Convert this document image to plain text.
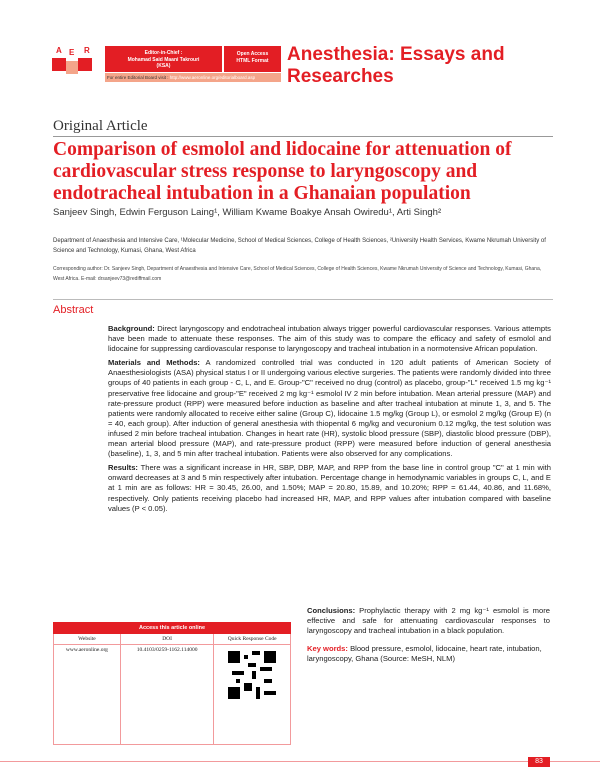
A E R	Editor-in-Chief :
Mohamad Said Maani Takrouri
(KSA)
Open Access
HTML Format
For entire Editorial Board visit : http://www.aeronline.org/editorialboard.asp
Anesthesia: Essays and
Researches
Original Article
Comparison of esmolol and lidocaine for attenuation of cardiovascular stress response to laryngoscopy and endotracheal intubation in a Ghanaian population
Sanjeev Singh, Edwin Ferguson Laing¹, William Kwame Boakye Ansah Owiredu¹, Arti Singh²
Department of Anaesthesia and Intensive Care, ¹Molecular Medicine, School of Medical Sciences, College of Health Sciences, ²University Health Services, Kwame Nkrumah University of Science and Technology, Kumasi, Ghana, West Africa
Corresponding author: Dr. Sanjeev Singh, Department of Anaesthesia and Intensive Care, School of Medical Sciences, College of Health Sciences, Kwame Nkrumah University of Science and Technology, Kumasi, Ghana, West Africa. E-mail: drsanjeev73@rediffmail.com
Abstract

Background: Direct laryngoscopy and endotracheal intubation always trigger powerful cardiovascular responses. Various attempts have been made to attenuate these responses. The aim of this study was to compare the efficacy and safety of esmolol and lidocaine for suppressing cardiovascular response to laryngoscopy and tracheal intubation in a normotensive African population.

Materials and Methods: A randomized controlled trial was conducted in 120 adult patients of American Society of Anaesthesiologists (ASA) physical status I or II undergoing various elective surgeries. The patients were randomly divided into three groups of 40 patients in each group - C, L, and E. Group-"C" received no drug (control) as placebo, group-"L" received 1.5 mg kg⁻¹ preservative free lidocaine and group-"E" received 2 mg kg⁻¹ esmolol IV 2 min before intubation. Mean arterial pressure (MAP) and rate-pressure product (RPP) were measured before induction as baseline and after tracheal intubation at minute 1, 3, and 5. The patients were randomly allocated to receive either saline (Group C), lidocaine 1.5 mg/kg (Group L), or esmolol 2 mg/kg (Group E) (n = 40, each group). After induction of general anesthesia with thiopental 6 mg/kg and vecuronium 0.12 mg/kg, the test solution was infused 2 min before tracheal intubation. Changes in heart rate (HR), systolic blood pressure (SBP), diastolic blood pressure (DBP), mean arterial blood pressure (MAP), and rate-pressure product (RPP) were measured before induction of general anesthesia (baseline), 1, 3, and 5 min after tracheal intubation. Patients were also observed for any complications.

Results: There was a significant increase in HR, SBP, DBP, MAP, and RPP from the base line in control group "C" at 1 min with onward decreases at 3 and 5 min respectively after intubation. Percentage change in hemodynamic variables in groups C, L, and E at 1 min are as follows: HR = 30.45, 26.00, and 1.50%; MAP = 20.80, 15.89, and 10.20%; RPP = 61.44, 40.86, and 11.68%, respectively. Only patients receiving placebo had increased HR, MAP, and RPP values after intubation compared with baseline values (P < 0.05).

Conclusions: Prophylactic therapy with 2 mg kg⁻¹ esmolol is more effective and safe for attenuating cardiovascular responses to laryngoscopy and tracheal intubation in a black population.

Key words: Blood pressure, esmolol, lidocaine, heart rate, intubation, laryngoscopy, Ghana (Source: MeSH, NLM)

Access this article online		
Website	DOI	Quick Response Code
www.aeronline.org	10.4103/0259-1162.114000	
83
